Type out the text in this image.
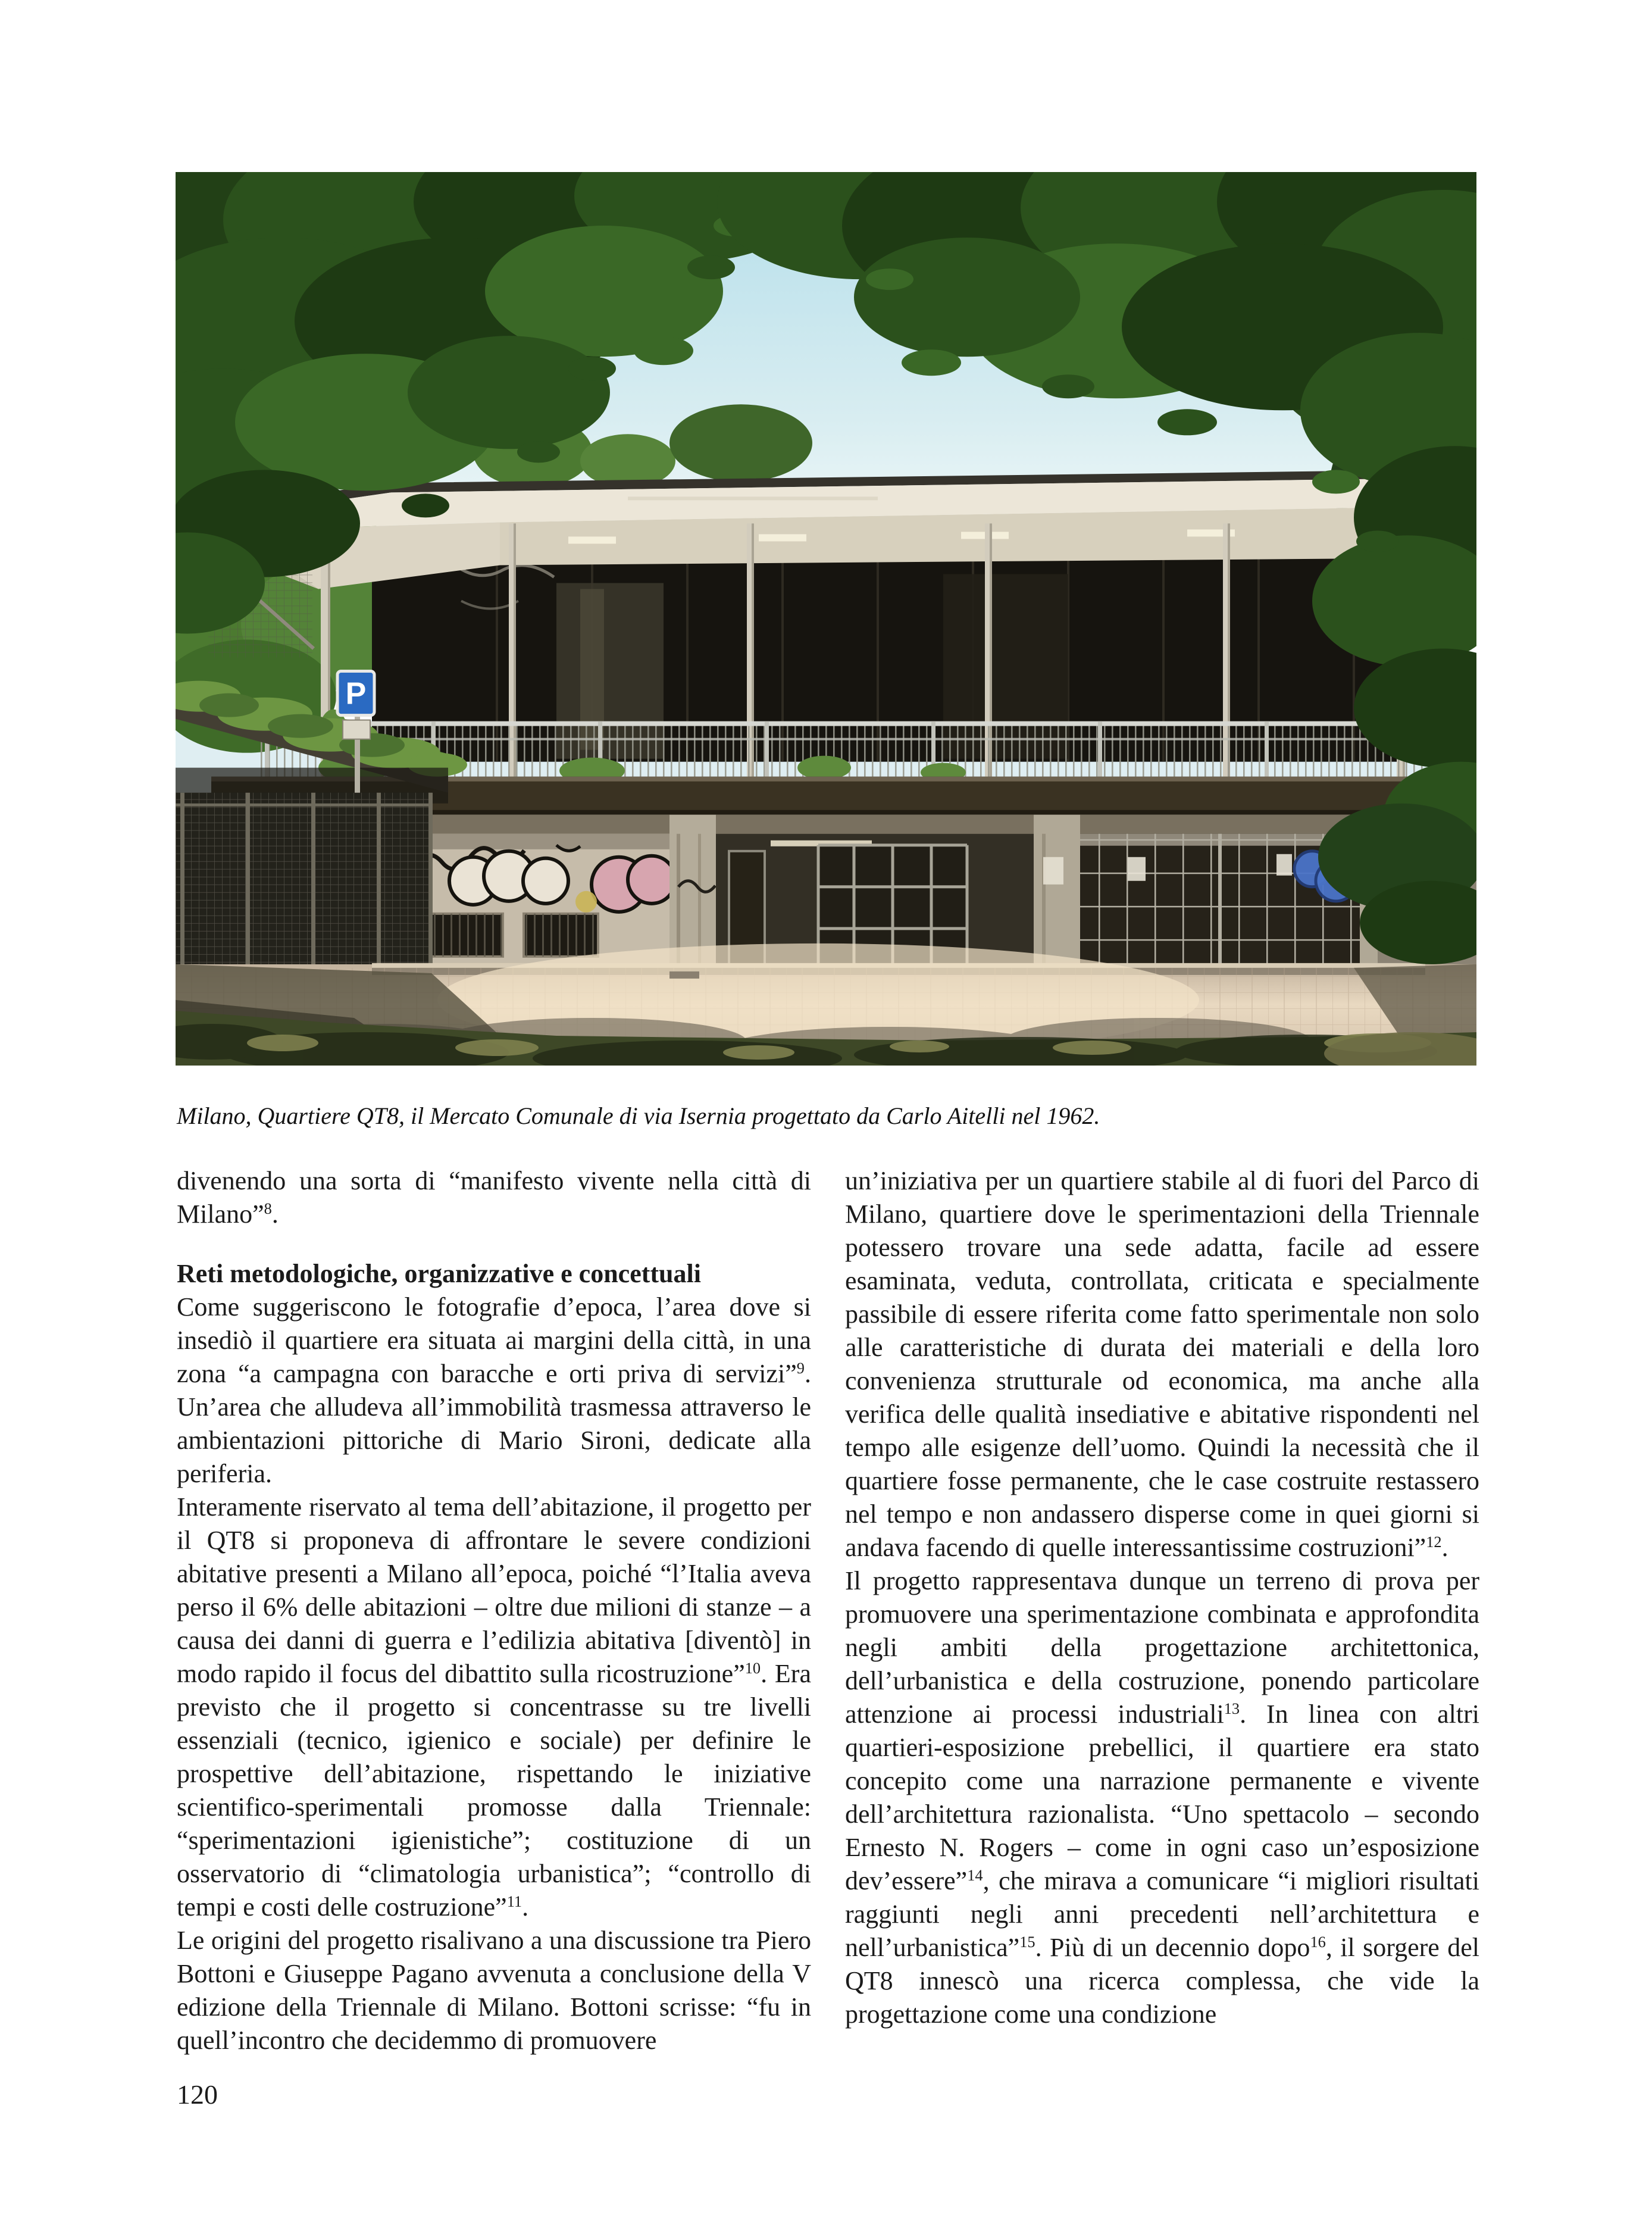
P
Milano, Quartiere QT8, il Mercato Comunale di via Isernia progettato da Carlo Aitelli nel 1962.

divenendo una sorta di “manifesto vivente nella città di Milano”$^8$.

Reti metodologiche, organizzative e concettuali

Come suggeriscono le fotografie d’epoca, l’area dove si insediò il quartiere era situata ai margini della città, in una zona “a campagna con baracche e orti priva di servizi”$^9$. Un’area che alludeva all’immobilità trasmessa attraverso le ambientazioni pittoriche di Mario Sironi, dedicate alla periferia.

Interamente riservato al tema dell’abitazione, il progetto per il QT8 si proponeva di affrontare le severe condizioni abitative presenti a Milano all’epoca, poiché “l’Italia aveva perso il 6% delle abitazioni – oltre due milioni di stanze – a causa dei danni di guerra e l’edilizia abitativa [diventò] in modo rapido il focus del dibattito sulla ricostruzione”$^{10}$. Era previsto che il progetto si concentrasse su tre livelli essenziali (tecnico, igienico e sociale) per definire le prospettive dell’abitazione, rispettando le iniziative scientifico-sperimentali promosse dalla Triennale: “sperimentazioni igienistiche”; costituzione di un osservatorio di “climatologia urbanistica”; “controllo di tempi e costi delle costruzione”$^{11}$.

Le origini del progetto risalivano a una discussione tra Piero Bottoni e Giuseppe Pagano avvenuta a conclusione della V edizione della Triennale di Milano. Bottoni scrisse: “fu in quell’incontro che decidemmo di promuovere

un’iniziativa per un quartiere stabile al di fuori del Parco di Milano, quartiere dove le sperimentazioni della Triennale potessero trovare una sede adatta, facile ad essere esaminata, veduta, controllata, criticata e specialmente passibile di essere riferita come fatto sperimentale non solo alle caratteristiche di durata dei materiali e della loro convenienza strutturale od economica, ma anche alla verifica delle qualità insediative e abitative rispondenti nel tempo alle esigenze dell’uomo. Quindi la necessità che il quartiere fosse permanente, che le case costruite restassero nel tempo e non andassero disperse come in quei giorni si andava facendo di quelle interessantissime costruzioni”$^{12}$.

Il progetto rappresentava dunque un terreno di prova per promuovere una sperimentazione combinata e approfondita negli ambiti della progettazione architettonica, dell’urbanistica e della costruzione, ponendo particolare attenzione ai processi industriali$^{13}$. In linea con altri quartieri-esposizione prebellici, il quartiere era stato concepito come una narrazione permanente e vivente dell’architettura razionalista. “Uno spettacolo – secondo Ernesto N. Rogers – come in ogni caso un’esposizione dev’essere”$^{14}$, che mirava a comunicare “i migliori risultati raggiunti negli anni precedenti nell’architettura e nell’urbanistica”$^{15}$. Più di un decennio dopo$^{16}$, il sorgere del QT8 innescò una ricerca complessa, che vide la progettazione come una condizione

120
